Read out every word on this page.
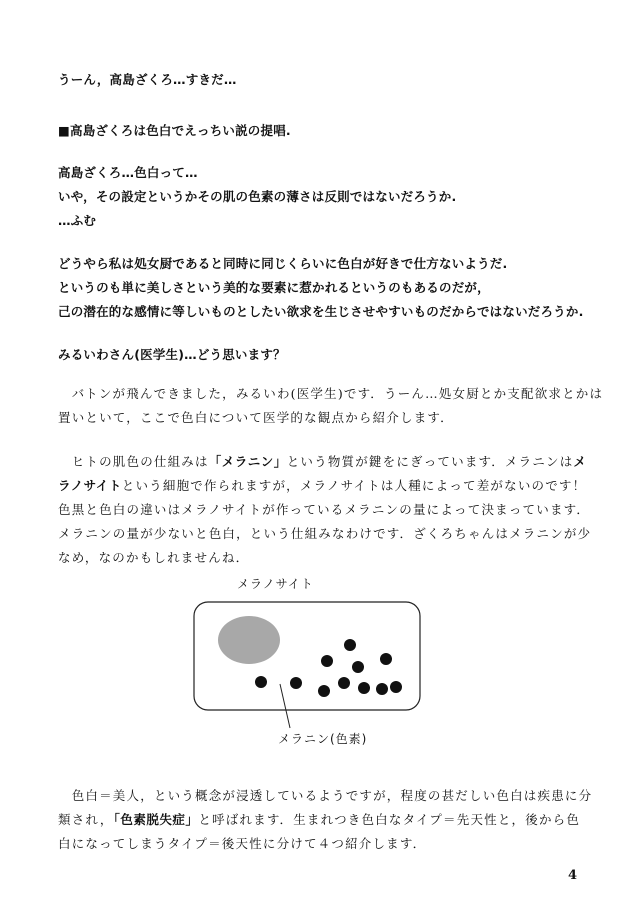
うーん，高島ざくろ…すきだ…
■高島ざくろは色白でえっちい説の提唱.
高島ざくろ…色白って…
いや，その設定というかその肌の色素の薄さは反則ではないだろうか.
…ふむ
どうやら私は処女厨であると同時に同じくらいに色白が好きで仕方ないようだ.
というのも単に美しさという美的な要素に惹かれるというのもあるのだが，
己の潜在的な感情に等しいものとしたい欲求を生じさせやすいものだからではないだろうか.
みるいわさん(医学生)…どう思います？
　バトンが飛んできました，みるいわ(医学生)です．うーん…処女厨とか支配欲求とかは
置いといて，ここで色白について医学的な観点から紹介します．
　ヒトの肌色の仕組みは「メラニン」という物質が鍵をにぎっています．メラニンはメ
ラノサイトという細胞で作られますが，メラノサイトは人種によって差がないのです！
色黒と色白の違いはメラノサイトが作っているメラニンの量によって決まっています．
メラニンの量が少ないと色白，という仕組みなわけです．ざくろちゃんはメラニンが少
なめ，なのかもしれませんね．
メラノサイト
メラニン(色素)
　色白＝美人，という概念が浸透しているようですが，程度の甚だしい色白は疾患に分
類され，「色素脱失症」と呼ばれます．生まれつき色白なタイプ＝先天性と，後から色
白になってしまうタイプ＝後天性に分けて４つ紹介します．
4
